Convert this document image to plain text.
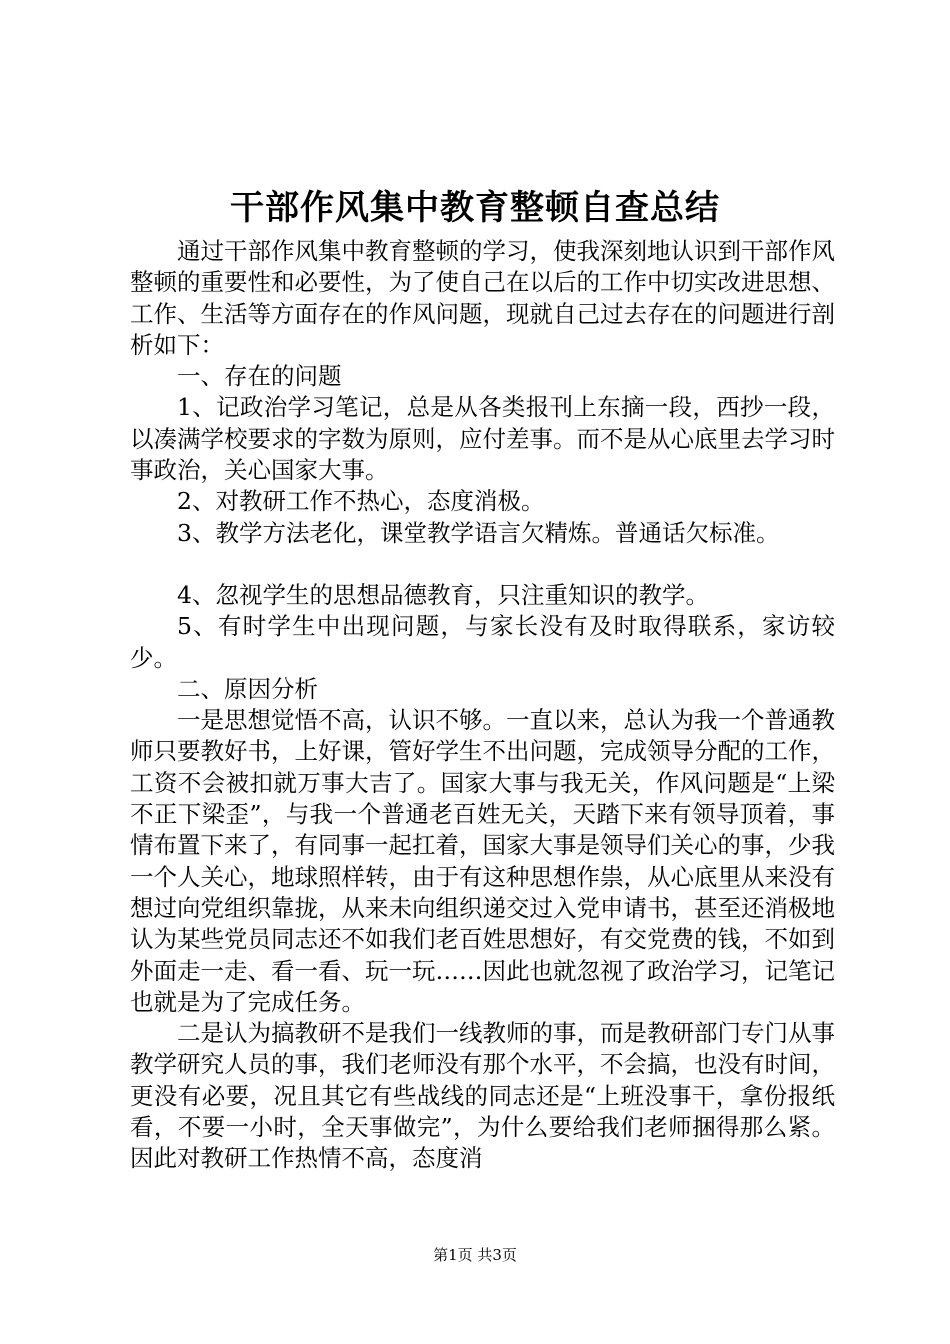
干部作风集中教育整顿自查总结

通过干部作风集中教育整顿的学习，使我深刻地认识到干部作风整顿的重要性和必要性，为了使自己在以后的工作中切实改进思想、工作、生活等方面存在的作风问题，现就自己过去存在的问题进行剖析如下：

一、存在的问题

1、记政治学习笔记，总是从各类报刊上东摘一段，西抄一段，以凑满学校要求的字数为原则，应付差事。而不是从心底里去学习时事政治，关心国家大事。

2、对教研工作不热心，态度消极。

3、教学方法老化，课堂教学语言欠精炼。普通话欠标准。

4、忽视学生的思想品德教育，只注重知识的教学。

5、有时学生中出现问题，与家长没有及时取得联系，家访较少。

二、原因分析

一是思想觉悟不高，认识不够。一直以来，总认为我一个普通教师只要教好书，上好课，管好学生不出问题，完成领导分配的工作，工资不会被扣就万事大吉了。国家大事与我无关，作风问题是“上梁不正下梁歪”，与我一个普通老百姓无关，天踏下来有领导顶着，事情布置下来了，有同事一起扛着，国家大事是领导们关心的事，少我一个人关心，地球照样转，由于有这种思想作祟，从心底里从来没有想过向党组织靠拢，从来未向组织递交过入党申请书，甚至还消极地认为某些党员同志还不如我们老百姓思想好，有交党费的钱，不如到外面走一走、看一看、玩一玩……因此也就忽视了政治学习，记笔记也就是为了完成任务。

二是认为搞教研不是我们一线教师的事，而是教研部门专门从事教学研究人员的事，我们老师没有那个水平，不会搞，也没有时间，更没有必要，况且其它有些战线的同志还是“上班没事干，拿份报纸看，不要一小时，全天事做完”，为什么要给我们老师捆得那么紧。因此对教研工作热情不高，态度消

第1页 共3页
